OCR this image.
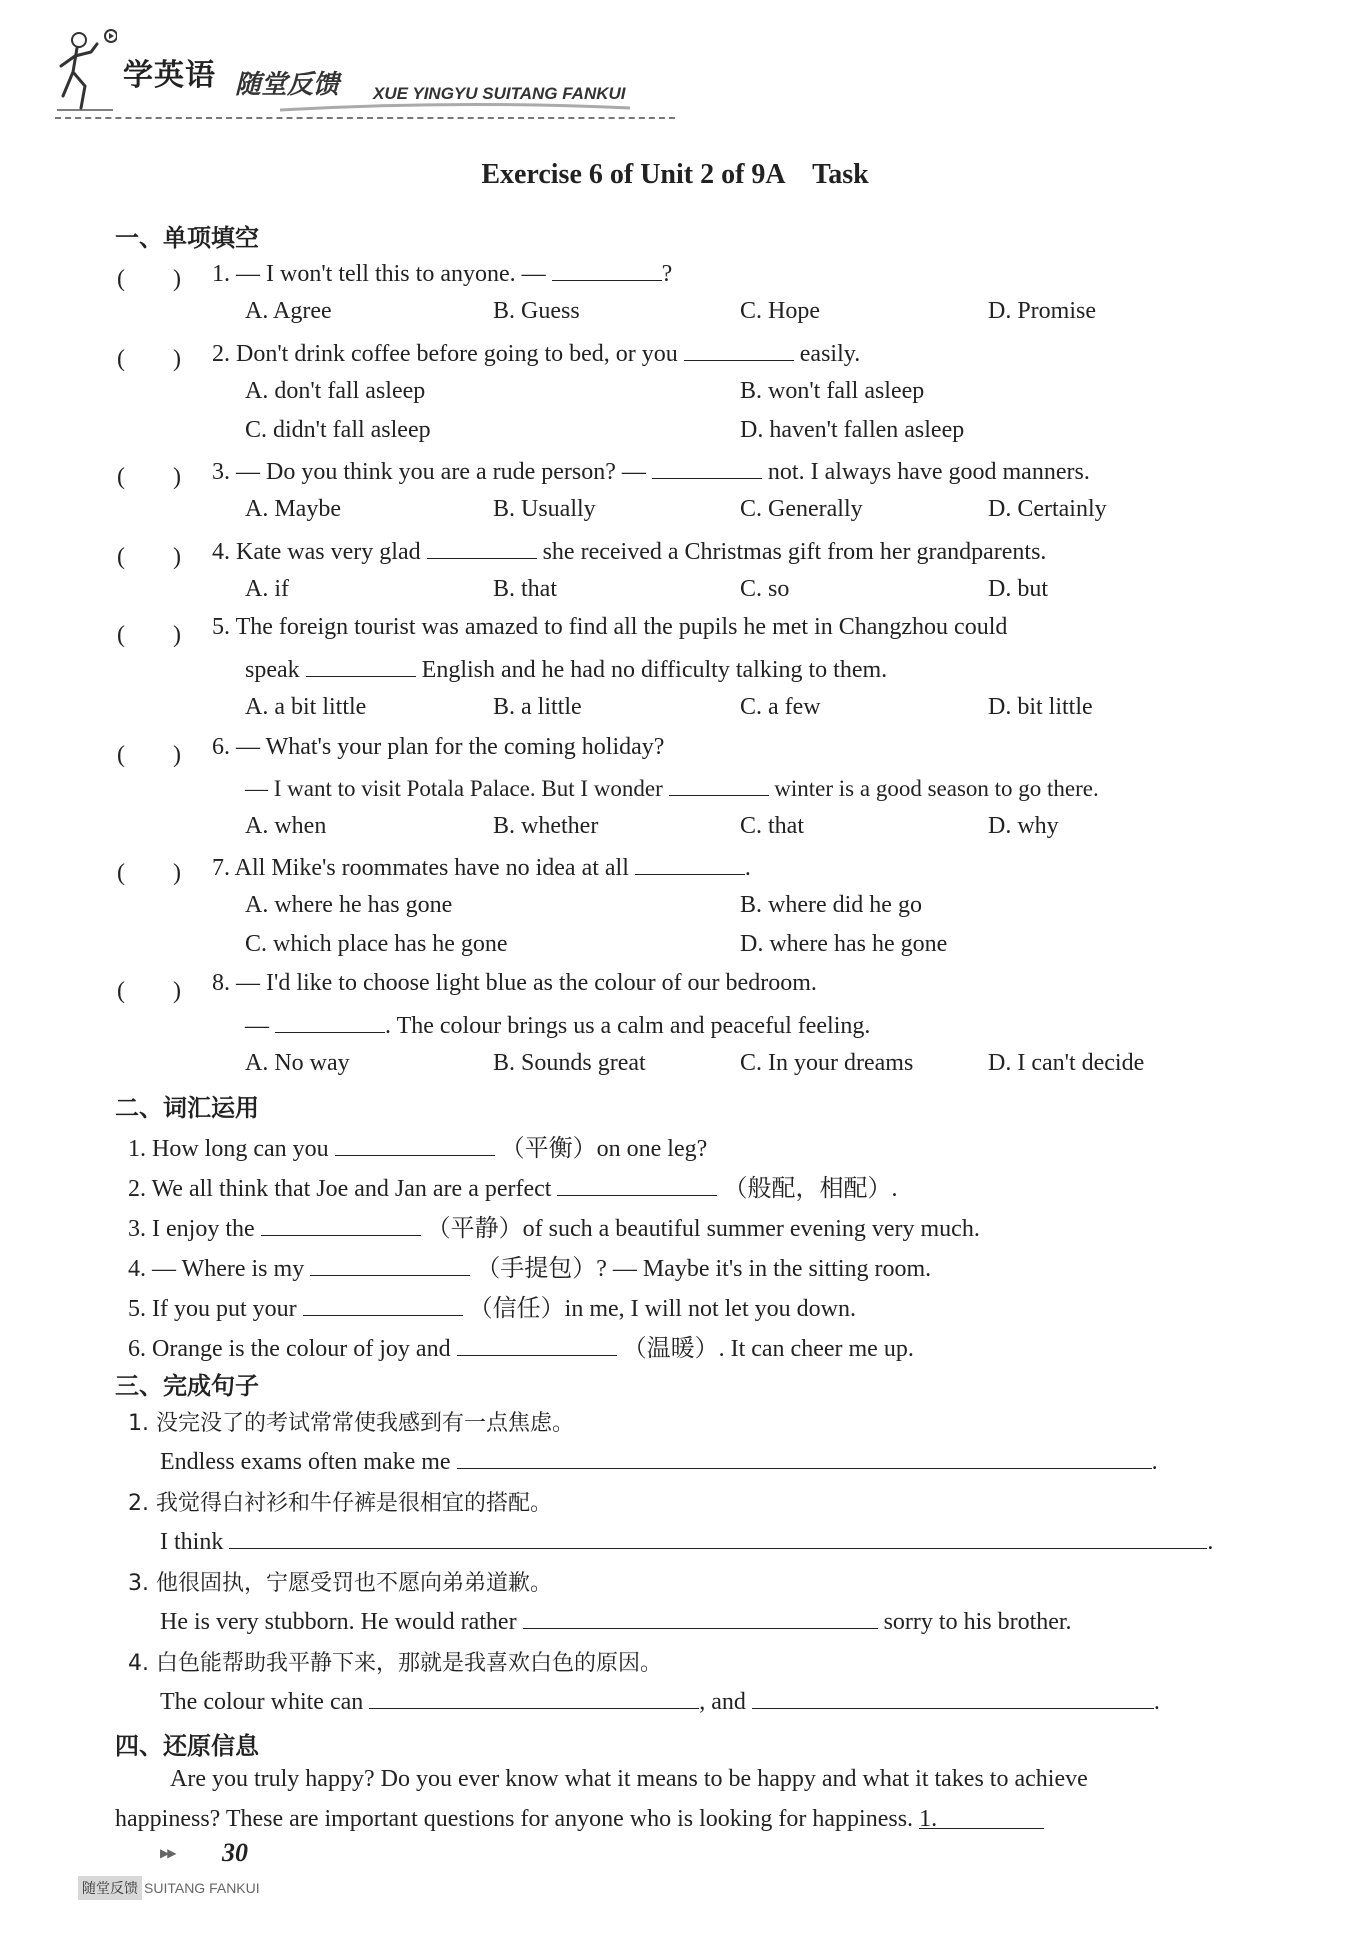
学英语 随堂反馈 XUE YINGYU SUITANG FANKUI
Exercise 6 of Unit 2 of 9A　Task
一、单项填空
(　　) 1. — I won't tell this to anyone. —	?
A. Agree	B. Guess	C. Hope	D. Promise
(　　) 2. Don't drink coffee before going to bed, or you	easily.
A. don't fall asleep	B. won't fall asleep
C. didn't fall asleep	D. haven't fallen asleep
(　　) 3. — Do you think you are a rude person? —	not. I always have good manners.
A. Maybe	B. Usually	C. Generally	D. Certainly
(　　) 4. Kate was very glad	she received a Christmas gift from her grandparents.
A. if	B. that	C. so	D. but
(　　) 5. The foreign tourist was amazed to find all the pupils he met in Changzhou could
speak	English and he had no difficulty talking to them.
A. a bit little	B. a little	C. a few	D. bit little
(　　) 6. — What's your plan for the coming holiday?
— I want to visit Potala Palace. But I wonder	winter is a good season to go there.
A. when	B. whether	C. that	D. why
(　　) 7. All Mike's roommates have no idea at all	.
A. where he has gone	B. where did he go
C. which place has he gone	D. where has he gone
(　　) 8. — I'd like to choose light blue as the colour of our bedroom.
—	. The colour brings us a calm and peaceful feeling.
A. No way	B. Sounds great	C. In your dreams	D. I can't decide
二、词汇运用
1. How long can you	（平衡）on one leg?
2. We all think that Joe and Jan are a perfect	（般配，相配）.
3. I enjoy the	（平静）of such a beautiful summer evening very much.
4. — Where is my	（手提包）? — Maybe it's in the sitting room.
5. If you put your	（信任）in me, I will not let you down.
6. Orange is the colour of joy and	（温暖）. It can cheer me up.
三、完成句子
1. 没完没了的考试常常使我感到有一点焦虑。
Endless exams often make me	.
2. 我觉得白衬衫和牛仔裤是很相宜的搭配。
I think	.
3. 他很固执，宁愿受罚也不愿向弟弟道歉。
He is very stubborn. He would rather	sorry to his brother.
4. 白色能帮助我平静下来，那就是我喜欢白色的原因。
The colour white can	, and	.
四、还原信息
Are you truly happy? Do you ever know what it means to be happy and what it takes to achieve
happiness? These are important questions for anyone who is looking for happiness. 1.
▶▶ 30
随堂反馈 SUITANG FANKUI
